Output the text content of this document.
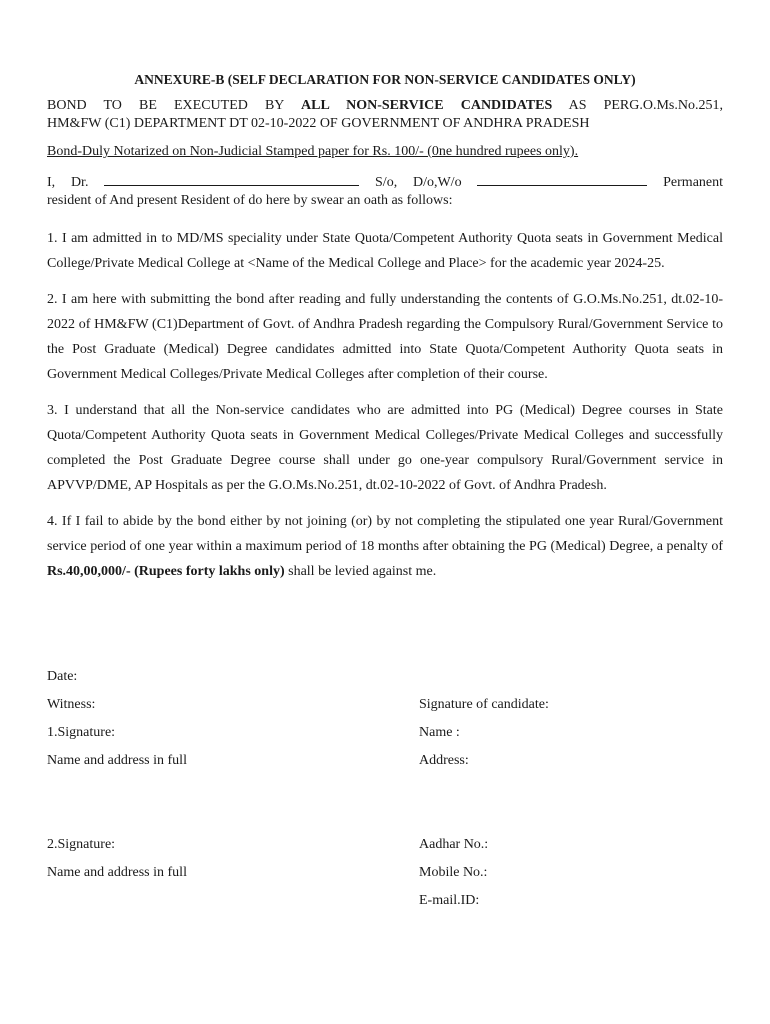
ANNEXURE-B (SELF DECLARATION FOR NON-SERVICE CANDIDATES ONLY)
BOND TO BE EXECUTED BY ALL NON-SERVICE CANDIDATES AS PERG.O.Ms.No.251,
HM&FW (C1) DEPARTMENT DT 02-10-2022 OF GOVERNMENT OF ANDHRA PRADESH
Bond-Duly Notarized on Non-Judicial Stamped paper for Rs. 100/- (0ne hundred rupees only).
I, Dr.	S/o, D/o,W/o	Permanent
resident of And present Resident of do here by swear an oath as follows:
1. I am admitted in to MD/MS speciality under State Quota/Competent Authority Quota seats in Government Medical College/Private Medical College at <Name of the Medical College and Place> for the academic year 2024-25.
2. I am here with submitting the bond after reading and fully understanding the contents of G.O.Ms.No.251, dt.02-10-2022 of HM&FW (C1)Department of Govt. of Andhra Pradesh regarding the Compulsory Rural/Government Service to the Post Graduate (Medical) Degree candidates admitted into State Quota/Competent Authority Quota seats in Government Medical Colleges/Private Medical Colleges after completion of their course.
3. I understand that all the Non-service candidates who are admitted into PG (Medical) Degree courses in State Quota/Competent Authority Quota seats in Government Medical Colleges/Private Medical Colleges and successfully completed the Post Graduate Degree course shall under go one-year compulsory Rural/Government service in APVVP/DME, AP Hospitals as per the G.O.Ms.No.251, dt.02-10-2022 of Govt. of Andhra Pradesh.
4. If I fail to abide by the bond either by not joining (or) by not completing the stipulated one year Rural/Government service period of one year within a maximum period of 18 months after obtaining the PG (Medical) Degree, a penalty of Rs.40,00,000/- (Rupees forty lakhs only) shall be levied against me.
Date:
Witness:
1.Signature:
Name and address in full
2.Signature:
Name and address in full
Signature of candidate:
Name :
Address:
Aadhar No.:
Mobile No.:
E-mail.ID:
